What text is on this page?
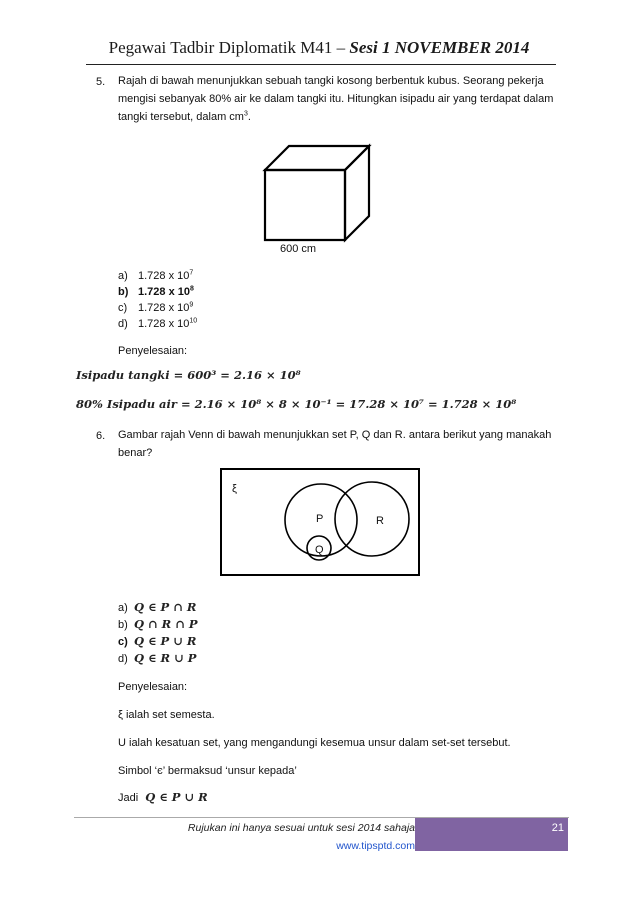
Pegawai Tadbir Diplomatik M41 – Sesi 1 NOVEMBER 2014
5. Rajah di bawah menunjukkan sebuah tangki kosong berbentuk kubus. Seorang pekerja
mengisi sebanyak 80% air ke dalam tangki itu. Hitungkan isipadu air yang terdapat dalam
tangki tersebut, dalam $cm^3$.
600 cm
a) 1.728 x $10^7$
b) 1.728 x $10^8$
c) 1.728 x $10^9$
d) 1.728 x $10^{10}$
Penyelesaian:
Isipadu tangki = 600³ = 2.16 × 10⁸
80% Isipadu air = 2.16 × 10⁸ × 8 × 10⁻¹ = 17.28 × 10⁷ = 1.728 × 10⁸
6. Gambar rajah Venn di bawah menunjukkan set P, Q dan R. antara berikut yang manakah
benar?
ξ
P	R
Q
a) Q ∈ P ∩ R
b) Q ∩ R ∩ P
c) Q ∈ P ∪ R
d) Q ∈ R ∪ P
Penyelesaian:
ξ ialah set semesta.
U ialah kesatuan set, yang mengandungi kesemua unsur dalam set-set tersebut.
Simbol ‘є’ bermaksud ‘unsur kepada’
Jadi Q ∈ P ∪ R
Rujukan ini hanya sesuai untuk sesi 2014 sahaja
www.tipsptd.com
21
